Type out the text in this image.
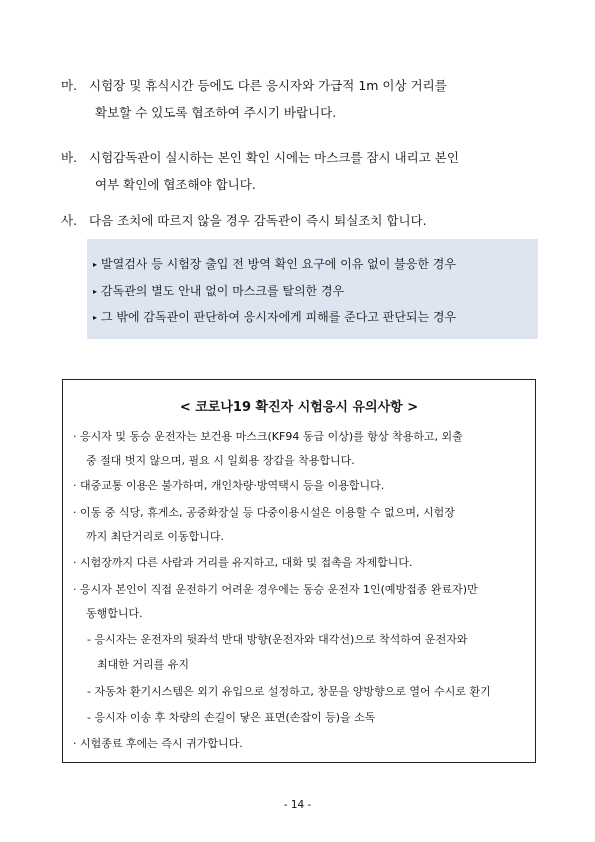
마. 시험장 및 휴식시간 등에도 다른 응시자와 가급적 1m 이상 거리를
확보할 수 있도록 협조하여 주시기 바랍니다.
바. 시험감독관이 실시하는 본인 확인 시에는 마스크를 잠시 내리고 본인
여부 확인에 협조해야 합니다.
사. 다음 조치에 따르지 않을 경우 감독관이 즉시 퇴실조치 합니다.
▸ 발열검사 등 시험장 출입 전 방역 확인 요구에 이유 없이 불응한 경우
▸ 감독관의 별도 안내 없이 마스크를 탈의한 경우
▸ 그 밖에 감독관이 판단하여 응시자에게 피해를 준다고 판단되는 경우
< 코로나19 확진자 시험응시 유의사항 >
· 응시자 및 동승 운전자는 보건용 마스크(KF94 동급 이상)를 항상 착용하고, 외출
중 절대 벗지 않으며, 필요 시 일회용 장갑을 착용합니다.
· 대중교통 이용은 불가하며, 개인차량·방역택시 등을 이용합니다.
· 이동 중 식당, 휴게소, 공중화장실 등 다중이용시설은 이용할 수 없으며, 시험장
까지 최단거리로 이동합니다.
· 시험장까지 다른 사람과 거리를 유지하고, 대화 및 접촉을 자제합니다.
· 응시자 본인이 직접 운전하기 어려운 경우에는 동승 운전자 1인(예방접종 완료자)만
동행합니다.
- 응시자는 운전자의 뒷좌석 반대 방향(운전자와 대각선)으로 착석하여 운전자와
최대한 거리를 유지
- 자동차 환기시스템은 외기 유입으로 설정하고, 창문을 양방향으로 열어 수시로 환기
- 응시자 이송 후 차량의 손길이 닿은 표면(손잡이 등)을 소독
· 시험종료 후에는 즉시 귀가합니다.
- 14 -
